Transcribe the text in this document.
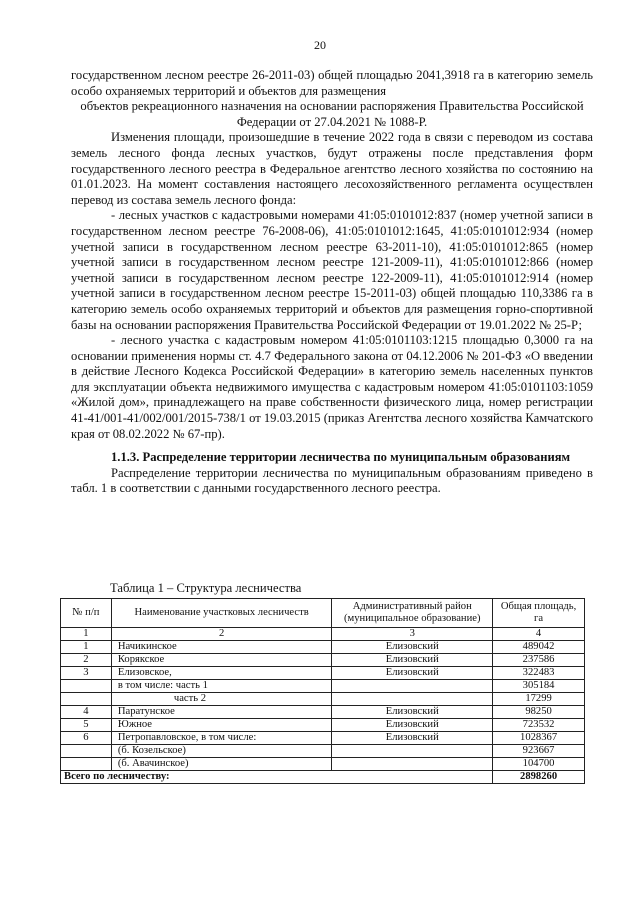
20

государственном лесном реестре 26-2011-03) общей площадью 2041,3918 га в категорию земель особо охраняемых территорий и объектов для размещения

объектов рекреационного назначения на основании распоряжения Правительства Российской Федерации от 27.04.2021 № 1088-Р.

Изменения площади, произошедшие в течение 2022 года в связи с переводом из состава земель лесного фонда лесных участков, будут отражены после представления форм государственного лесного реестра в Федеральное агентство лесного хозяйства по состоянию на 01.01.2023. На момент составления настоящего лесохозяйственного регламента осуществлен перевод из состава земель лесного фонда:

- лесных участков с кадастровыми номерами 41:05:0101012:837 (номер учетной записи в государственном лесном реестре 76-2008-06), 41:05:0101012:1645, 41:05:0101012:934 (номер учетной записи в государственном лесном реестре 63-2011-10), 41:05:0101012:865 (номер учетной записи в государственном лесном реестре 121-2009-11), 41:05:0101012:866 (номер учетной записи в государственном лесном реестре 122-2009-11), 41:05:0101012:914 (номер учетной записи в государственном лесном реестре 15-2011-03) общей площадью 110,3386 га в категорию земель особо охраняемых территорий и объектов для размещения горно-спортивной базы на основании распоряжения Правительства Российской Федерации от 19.01.2022 № 25-Р;

- лесного участка с кадастровым номером 41:05:0101103:1215 площадью 0,3000 га на основании применения нормы ст. 4.7 Федерального закона от 04.12.2006 № 201-ФЗ «О введении в действие Лесного Кодекса Российской Федерации» в категорию земель населенных пунктов для эксплуатации объекта недвижимого имущества с кадастровым номером 41:05:0101103:1059 «Жилой дом», принадлежащего на праве собственности физического лица, номер регистрации 41-41/001-41/002/001/2015-738/1 от 19.03.2015 (приказ Агентства лесного хозяйства Камчатского края от 08.02.2022 № 67-пр).

1.1.3. Распределение территории лесничества по муниципальным образованиям

Распределение территории лесничества по муниципальным образованиям приведено в табл. 1 в соответствии с данными государственного лесного реестра.

Таблица 1 – Структура лесничества
№ п/п	Наименование участковых лесничеств	Административный район (муниципальное образование)	Общая площадь, га
1	2	3	4
1	Начикинское	Елизовский	489042
2	Корякское	Елизовский	237586
3	Елизовское,	Елизовский	322483
	в том числе: часть 1		305184
	часть 2		17299
4	Паратунское	Елизовский	98250
5	Южное	Елизовский	723532
6	Петропавловское, в том числе:	Елизовский	1028367
	(б. Козельское)		923667
	(б. Авачинское)		104700
Всего по лесничеству:			2898260
